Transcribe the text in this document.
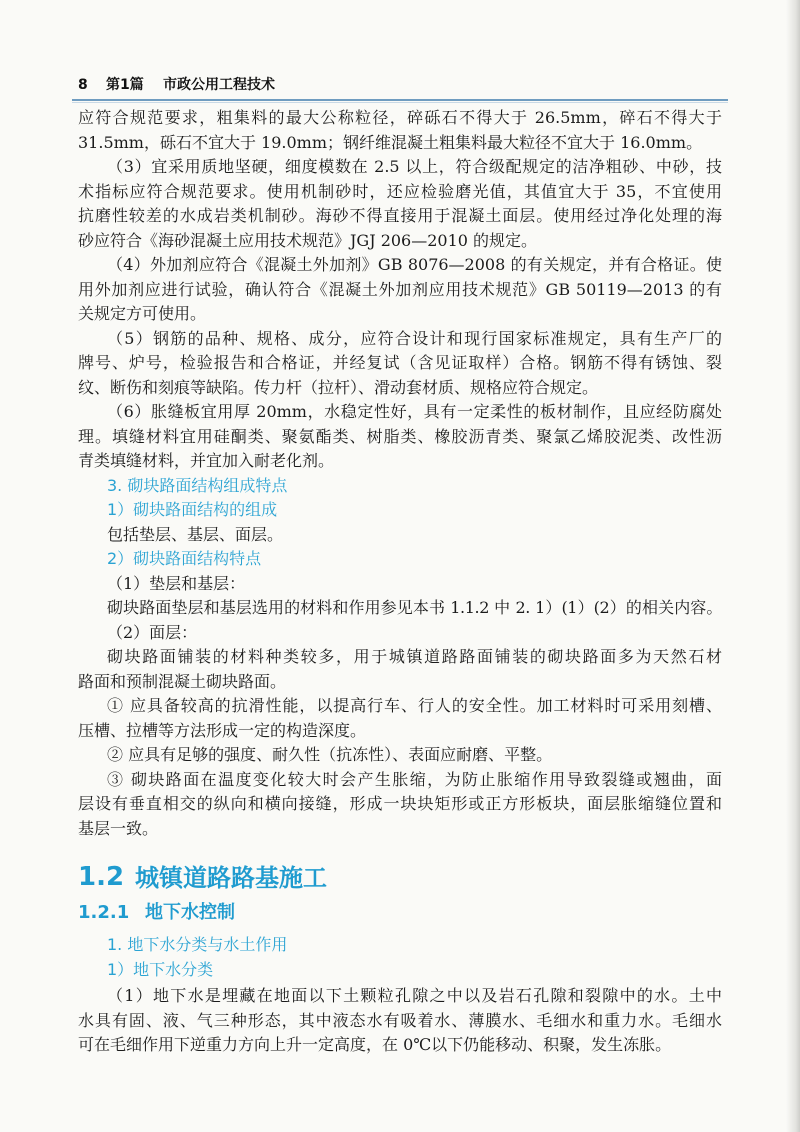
8 第1篇 市政公用工程技术
应符合规范要求，粗集料的最大公称粒径，碎砾石不得大于 26.5mm，碎石不得大于
31.5mm，砾石不宜大于 19.0mm；钢纤维混凝土粗集料最大粒径不宜大于 16.0mm。
（3）宜采用质地坚硬，细度模数在 2.5 以上，符合级配规定的洁净粗砂、中砂，技
术指标应符合规范要求。使用机制砂时，还应检验磨光值，其值宜大于 35，不宜使用
抗磨性较差的水成岩类机制砂。海砂不得直接用于混凝土面层。使用经过净化处理的海
砂应符合《海砂混凝土应用技术规范》JGJ 206—2010 的规定。
（4）外加剂应符合《混凝土外加剂》GB 8076—2008 的有关规定，并有合格证。使
用外加剂应进行试验，确认符合《混凝土外加剂应用技术规范》GB 50119—2013 的有
关规定方可使用。
（5）钢筋的品种、规格、成分，应符合设计和现行国家标准规定，具有生产厂的
牌号、炉号，检验报告和合格证，并经复试（含见证取样）合格。钢筋不得有锈蚀、裂
纹、断伤和刻痕等缺陷。传力杆（拉杆）、滑动套材质、规格应符合规定。
（6）胀缝板宜用厚 20mm，水稳定性好，具有一定柔性的板材制作，且应经防腐处
理。填缝材料宜用硅酮类、聚氨酯类、树脂类、橡胶沥青类、聚氯乙烯胶泥类、改性沥
青类填缝材料，并宜加入耐老化剂。
3. 砌块路面结构组成特点
1）砌块路面结构的组成
包括垫层、基层、面层。
2）砌块路面结构特点
（1）垫层和基层：
砌块路面垫层和基层选用的材料和作用参见本书 1.1.2 中 2. 1）(1）(2）的相关内容。
（2）面层：
砌块路面铺装的材料种类较多，用于城镇道路路面铺装的砌块路面多为天然石材
路面和预制混凝土砌块路面。
① 应具备较高的抗滑性能，以提高行车、行人的安全性。加工材料时可采用刻槽、
压槽、拉槽等方法形成一定的构造深度。
② 应具有足够的强度、耐久性（抗冻性）、表面应耐磨、平整。
③ 砌块路面在温度变化较大时会产生胀缩，为防止胀缩作用导致裂缝或翘曲，面
层设有垂直相交的纵向和横向接缝，形成一块块矩形或正方形板块，面层胀缩缝位置和
基层一致。
1.2 城镇道路路基施工
1.2.1 地下水控制
1. 地下水分类与水土作用
1）地下水分类
（1）地下水是埋藏在地面以下土颗粒孔隙之中以及岩石孔隙和裂隙中的水。土中
水具有固、液、气三种形态，其中液态水有吸着水、薄膜水、毛细水和重力水。毛细水
可在毛细作用下逆重力方向上升一定高度，在 0℃以下仍能移动、积聚，发生冻胀。
